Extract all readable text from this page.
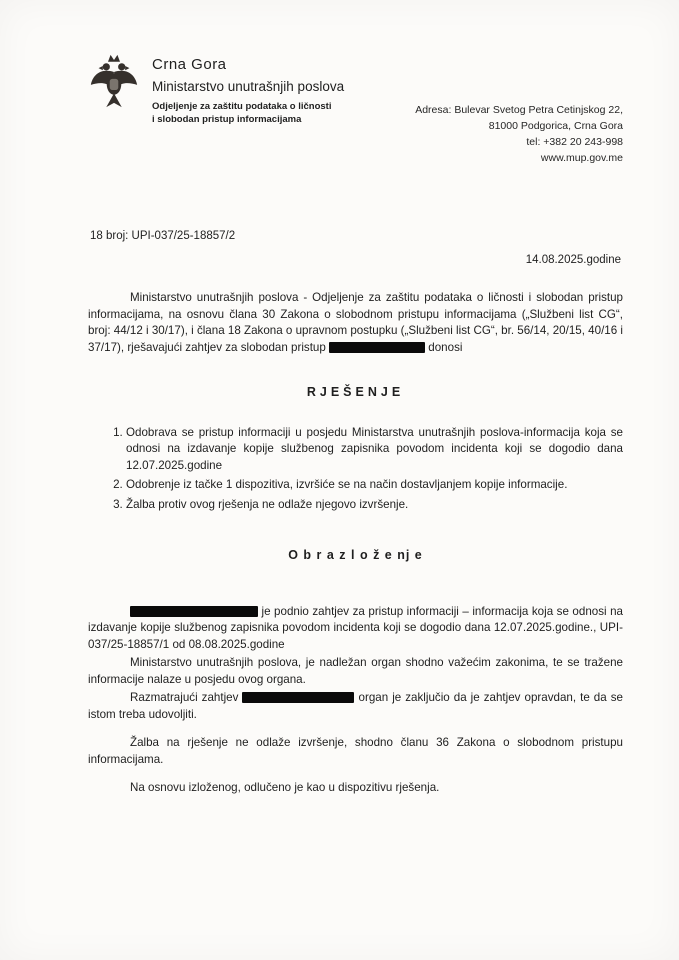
Crna Gora
Ministarstvo unutrašnjih poslova
Odjeljenje za zaštitu podataka o ličnosti
i slobodan pristup informacijama
Adresa: Bulevar Svetog Petra Cetinjskog 22,
81000 Podgorica, Crna Gora
tel: +382 20 243-998
www.mup.gov.me
18 broj: UPI-037/25-18857/2
14.08.2025.godine

Ministarstvo unutrašnjih poslova - Odjeljenje za zaštitu podataka o ličnosti i slobodan pristup informacijama, na osnovu člana 30 Zakona o slobodnom pristupu informacijama („Službeni list CG“, broj: 44/12 i 30/17), i člana 18 Zakona o upravnom postupku („Službeni list CG“, br. 56/14, 20/15, 40/16 i 37/17), rješavajući zahtjev za slobodan pristup	donosi

RJEŠENJE
1. Odobrava se pristup informaciji u posjedu Ministarstva unutrašnjih poslova-informacija koja se odnosi na izdavanje kopije službenog zapisnika povodom incidenta koji se dogodio dana 12.07.2025.godine
2. Odobrenje iz tačke 1 dispozitiva, izvršiće se na način dostavljanjem kopije informacije.
3. Žalba protiv ovog rješenja ne odlaže njegovo izvršenje.
O b r a z l o ž e nj e

je podnio zahtjev za pristup informaciji – informacija koja se odnosi na izdavanje kopije službenog zapisnika povodom incidenta koji se dogodio dana 12.07.2025.godine., UPI-037/25-18857/1 od 08.08.2025.godine

Ministarstvo unutrašnjih poslova, je nadležan organ shodno važećim zakonima, te se tražene informacije nalaze u posjedu ovog organa.

Razmatrajući zahtjev	organ je zaključio da je zahtjev opravdan, te da se istom treba udovoljiti.

Žalba na rješenje ne odlaže izvršenje, shodno članu 36 Zakona o slobodnom pristupu informacijama.

Na osnovu izloženog, odlučeno je kao u dispozitivu rješenja.
